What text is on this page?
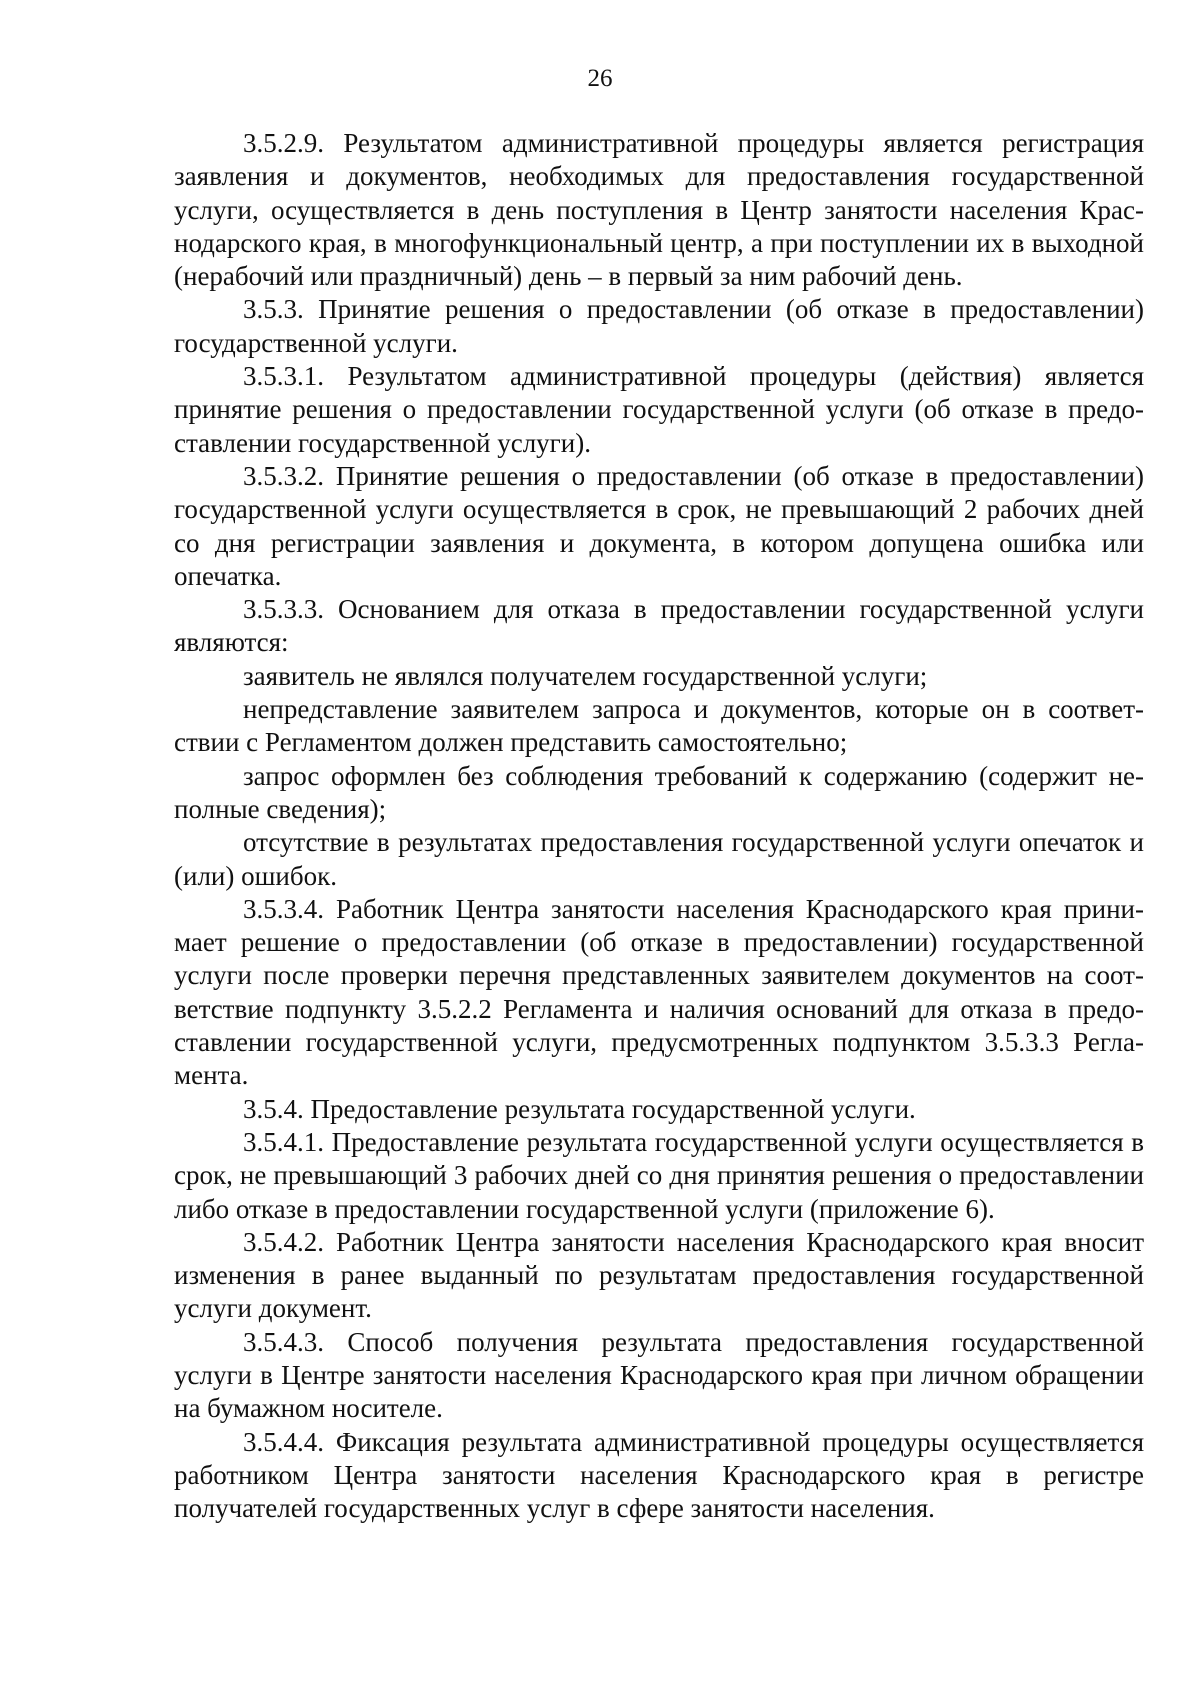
26

3.5.2.9. Результатом административной процедуры является регистрация заявления и документов, необходимых для предоставления государственной услуги, осуществляется в день поступления в Центр занятости населения Краснодарского края, в многофункциональный центр, а при поступлении их в выходной (нерабочий или праздничный) день – в первый за ним рабочий день.

3.5.3. Принятие решения о предоставлении (об отказе в предоставлении) государственной услуги.

3.5.3.1. Результатом административной процедуры (действия) является принятие решения о предоставлении государственной услуги (об отказе в предоставлении государственной услуги).

3.5.3.2. Принятие решения о предоставлении (об отказе в предоставлении) государственной услуги осуществляется в срок, не превышающий 2 рабочих дней со дня регистрации заявления и документа, в котором допущена ошибка или опечатка.

3.5.3.3. Основанием для отказа в предоставлении государственной услуги являются:

заявитель не являлся получателем государственной услуги;

непредставление заявителем запроса и документов, которые он в соответствии с Регламентом должен представить самостоятельно;

запрос оформлен без соблюдения требований к содержанию (содержит неполные сведения);

отсутствие в результатах предоставления государственной услуги опечаток и (или) ошибок.

3.5.3.4. Работник Центра занятости населения Краснодарского края принимает решение о предоставлении (об отказе в предоставлении) государственной услуги после проверки перечня представленных заявителем документов на соответствие подпункту 3.5.2.2 Регламента и наличия оснований для отказа в предоставлении государственной услуги, предусмотренных подпунктом 3.5.3.3 Регламента.

3.5.4. Предоставление результата государственной услуги.

3.5.4.1. Предоставление результата государственной услуги осуществляется в срок, не превышающий 3 рабочих дней со дня принятия решения о предоставлении либо отказе в предоставлении государственной услуги (приложение 6).

3.5.4.2. Работник Центра занятости населения Краснодарского края вносит изменения в ранее выданный по результатам предоставления государственной услуги документ.

3.5.4.3. Способ получения результата предоставления государственной услуги в Центре занятости населения Краснодарского края при личном обращении на бумажном носителе.

3.5.4.4. Фиксация результата административной процедуры осуществляется работником Центра занятости населения Краснодарского края в регистре получателей государственных услуг в сфере занятости населения.
